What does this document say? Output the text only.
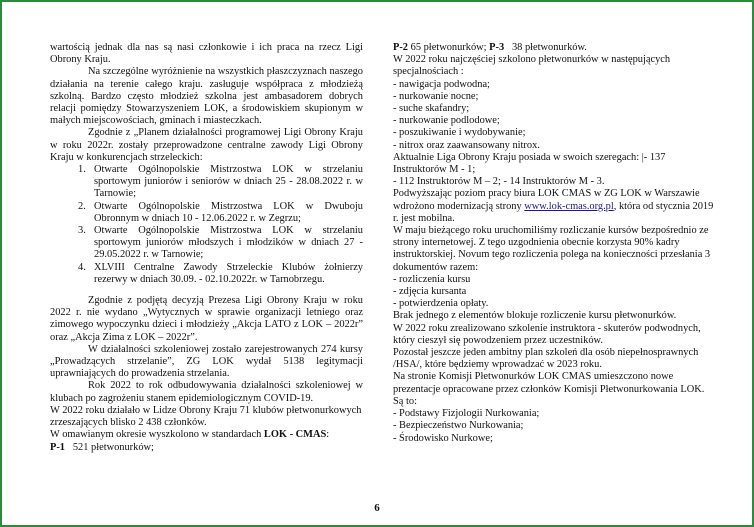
wartością jednak dla nas są nasi członkowie i ich praca na rzecz Ligi Obrony Kraju.

Na szczególne wyróżnienie na wszystkich płaszczyznach naszego działania na terenie całego kraju. zasługuje współpraca z młodzieżą szkolną. Bardzo często młodzież szkolna jest ambasadorem dobrych relacji pomiędzy Stowarzyszeniem LOK, a środowiskiem skupionym w małych miejscowościach, gminach i miasteczkach.

Zgodnie z „Planem działalności programowej Ligi Obrony Kraju w roku 2022r. zostały przeprowadzone centralne zawody Ligi Obrony Kraju w konkurencjach strzeleckich:

1. Otwarte Ogólnopolskie Mistrzostwa LOK w strzelaniu sportowym juniorów i seniorów w dniach 25 - 28.08.2022 r. w Tarnowie;
2. Otwarte Ogólnopolskie Mistrzostwa LOK w Dwuboju Obronnym w dniach 10 - 12.06.2022 r. w Zegrzu;
3. Otwarte Ogólnopolskie Mistrzostwa LOK w strzelaniu sportowym juniorów młodszych i młodzików w dniach 27 - 29.05.2022 r. w Tarnowie;
4. XLVIII Centralne Zawody Strzeleckie Klubów żołnierzy rezerwy w dniach 30.09. - 02.10.2022r. w Tarnobrzegu.

Zgodnie z podjętą decyzją Prezesa Ligi Obrony Kraju w roku 2022 r. nie wydano „Wytycznych w sprawie organizacji letniego oraz zimowego wypoczynku dzieci i młodzieży „Akcja LATO z LOK – 2022r” oraz „Akcja Zima z LOK – 2022r”.

W działalności szkoleniowej zostało zarejestrowanych 274 kursy „Prowadzących strzelanie”, ZG LOK wydał 5138 legitymacji uprawniających do prowadzenia strzelania.

Rok 2022 to rok odbudowywania działalności szkoleniowej w klubach po zagrożeniu stanem epidemiologicznym COVID-19.

W 2022 roku działało w Lidze Obrony Kraju 71 klubów płetwonurkowych zrzeszających blisko 2 438 członków.

W omawianym okresie wyszkolono w standardach LOK - CMAS:

P-1 521 płetwonurków;

P-2 65 płetwonurków; P-3 38 płetwonurków.

W 2022 roku najczęściej szkolono płetwonurków w następujących specjalnościach :

- nawigacja podwodna;

- nurkowanie nocne;

- suche skafandry;

- nurkowanie podlodowe;

- poszukiwanie i wydobywanie;

- nitrox oraz zaawansowany nitrox.

Aktualnie Liga Obrony Kraju posiada w swoich szeregach: |- 137 Instruktorów M - 1;

- 112 Instruktorów M – 2; - 14 Instruktorów M - 3.

Podwyższając poziom pracy biura LOK CMAS w ZG LOK w Warszawie wdrożono modernizacją strony www.lok-cmas.org.pl, która od stycznia 2019 r. jest mobilna.

W maju bieżącego roku uruchomiliśmy rozliczanie kursów bezpośrednio ze strony internetowej. Z tego uzgodnienia obecnie korzysta 90% kadry instruktorskiej. Novum tego rozliczenia polega na konieczności przesłania 3 dokumentów razem:

- rozliczenia kursu

- zdjęcia kursanta

- potwierdzenia opłaty.

Brak jednego z elementów blokuje rozliczenie kursu płetwonurków.

W 2022 roku zrealizowano szkolenie instruktora - skuterów podwodnych, który cieszył się powodzeniem przez uczestników.

Pozostał jeszcze jeden ambitny plan szkoleń dla osób niepełnosprawnych /HSA/, które będziemy wprowadzać w 2023 roku.

Na stronie Komisji Płetwonurków LOK CMAS umieszczono nowe prezentacje opracowane przez członków Komisji Płetwonurkowania LOK. Są to:

- Podstawy Fizjologii Nurkowania;

- Bezpieczeństwo Nurkowania;

- Środowisko Nurkowe;

6
